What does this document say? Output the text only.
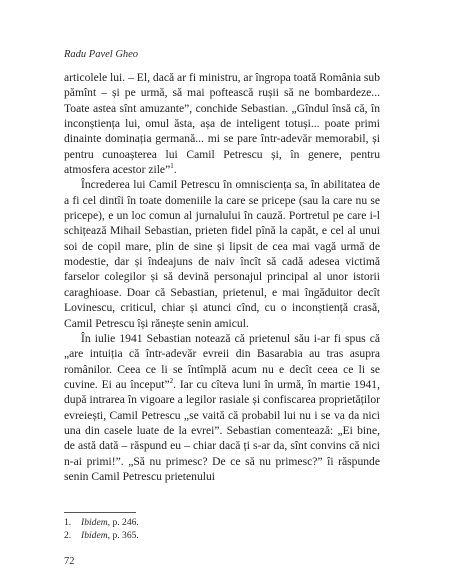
Radu Pavel Gheo

articolele lui. – El, dacă ar fi ministru, ar îngropa toată România sub pămînt – și pe urmă, să mai poftească rușii să ne bombardeze... Toate astea sînt amuzante”, conchide Sebastian. „Gîndul însă că, în inconștiența lui, omul ăsta, așa de inteligent totuși... poate primi dinainte dominația germană... mi se pare într-adevăr memorabil, și pentru cunoașterea lui Camil Petrescu și, în genere, pentru atmosfera acestor zile”$^1$.

Încrederea lui Camil Petrescu în omnisciența sa, în abilitatea de a fi cel dintîi în toate domeniile la care se pricepe (sau la care nu se pricepe), e un loc comun al jurnalului în cauză. Portretul pe care i-l schițează Mihail Sebastian, prieten fidel pînă la capăt, e cel al unui soi de copil mare, plin de sine și lipsit de cea mai vagă urmă de modestie, dar și îndeajuns de naiv încît să cadă adesea victimă farselor colegilor și să devină personajul principal al unor istorii caraghioase. Doar că Sebastian, prietenul, e mai îngăduitor decît Lovinescu, criticul, chiar și atunci cînd, cu o inconștiență crasă, Camil Petrescu își rănește senin amicul.

În iulie 1941 Sebastian notează că prietenul său i-ar fi spus că „are intuiția că într-adevăr evreii din Basarabia au tras asupra românilor. Ceea ce li se întîmplă acum nu e decît ceea ce li se cuvine. Ei au început”$^2$. Iar cu cîteva luni în urmă, în martie 1941, după intrarea în vigoare a legilor rasiale și confiscarea proprietăților evreiești, Camil Petrescu „se vaită că probabil lui nu i se va da nici una din casele luate de la evrei”. Sebastian comentează: „Ei bine, de astă dată – răspund eu – chiar dacă ți s-ar da, sînt convins că nici n-ai primi!”. „Să nu primesc? De ce să nu primesc?” îi răspunde senin Camil Petrescu prietenului

1. Ibidem, p. 246.
2. Ibidem, p. 365.
72
